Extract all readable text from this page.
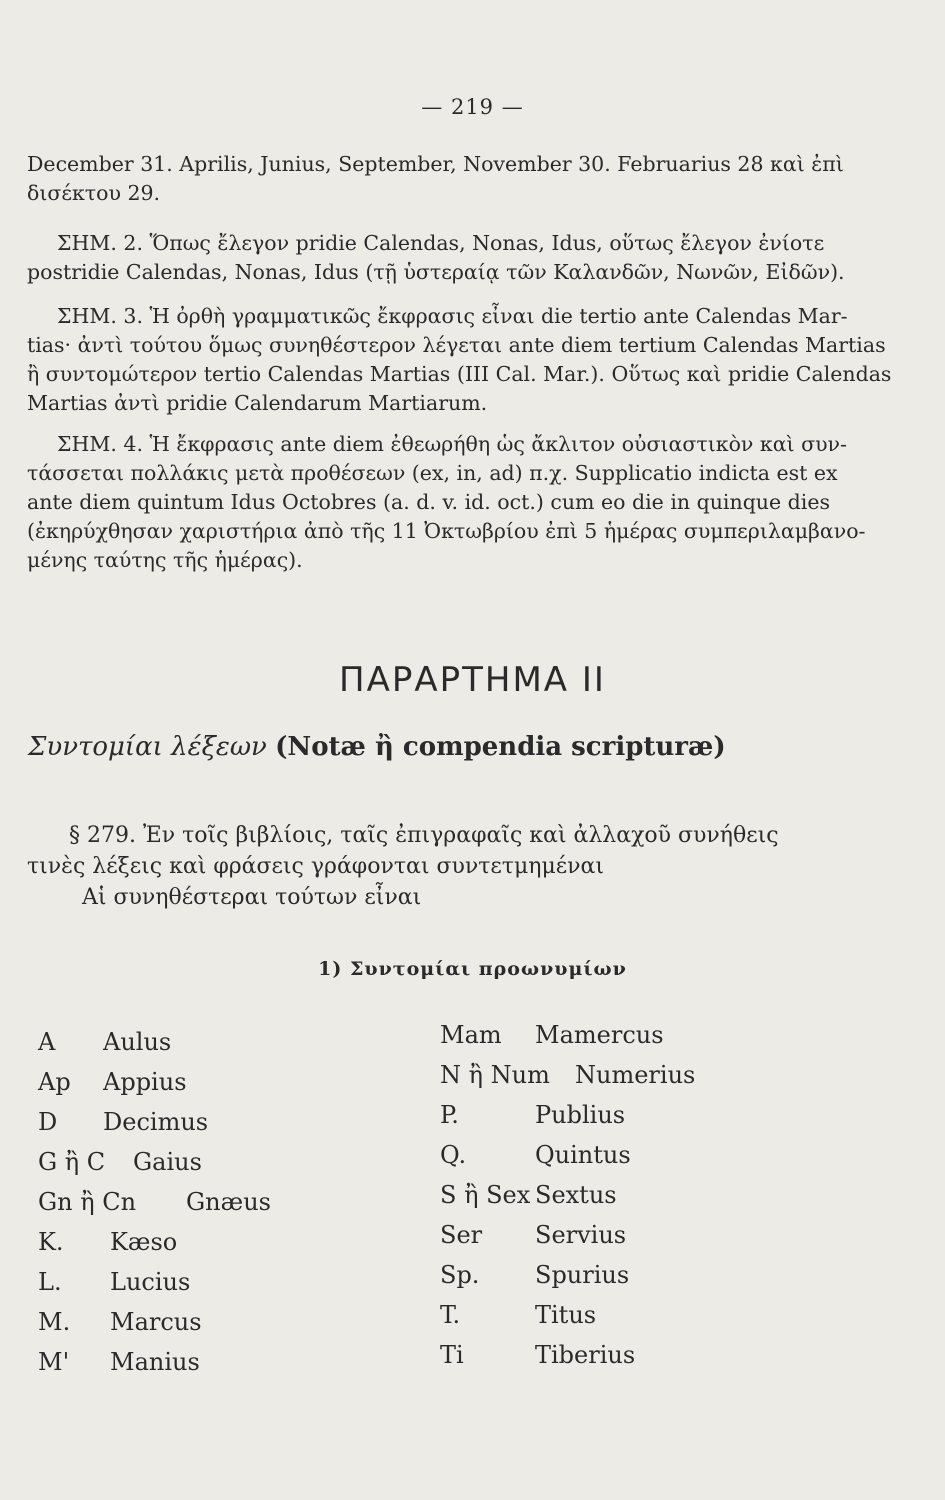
— 219 —
December 31. Aprilis, Junius, September, November 30. Februarius 28 καὶ ἐπὶ
δισέκτου 29.
ΣΗΜ. 2. Ὅπως ἔλεγον pridie Calendas, Nonas, Idus, οὕτως ἔλεγον ἐνίοτε
postridie Calendas, Nonas, Idus (τῇ ὑστεραίᾳ τῶν Καλανδῶν, Νωνῶν, Εἰδῶν).
ΣΗΜ. 3. Ἡ ὀρθὴ γραμματικῶς ἔκφρασις εἶναι die tertio ante Calendas Mar-
tias· ἀντὶ τούτου ὅμως συνηθέστερον λέγεται ante diem tertium Calendas Martias
ἢ συντομώτερον tertio Calendas Martias (III Cal. Mar.). Οὕτως καὶ pridie Calendas
Martias ἀντὶ pridie Calendarum Martiarum.
ΣΗΜ. 4. Ἡ ἔκφρασις ante diem ἐθεωρήθη ὡς ἄκλιτον οὐσιαστικὸν καὶ συν-
τάσσεται πολλάκις μετὰ προθέσεων (ex, in, ad) π.χ. Supplicatio indicta est ex
ante diem quintum Idus Octobres (a. d. v. id. oct.) cum eo die in quinque dies
(ἐκηρύχθησαν χαριστήρια ἀπὸ τῆς 11 Ὀκτωβρίου ἐπὶ 5 ἡμέρας συμπεριλαμβανο-
μένης ταύτης τῆς ἡμέρας).
ΠΑΡΑΡΤΗΜΑ II
Συντομίαι λέξεων (Notæ ἢ compendia scripturæ)
§ 279. Ἐν τοῖς βιβλίοις, ταῖς ἐπιγραφαῖς καὶ ἀλλαχοῦ συνήθεις
τινὲς λέξεις καὶ φράσεις γράφονται συντετμημέναι
Αἱ συνηθέστεραι τούτων εἶναι
1) Συντομίαι προωνυμίων
A Aulus
Ap Appius
D Decimus
G ἢ C Gaius
Gn ἢ Cn Gnæus
K. Kæso
L. Lucius
M. Marcus
M' Manius
Mam Mamercus
N ἢ Num Numerius
P.	Publius
Q.	Quintus
S ἢ Sex Sextus
Ser Servius
Sp. Spurius
T.	Titus
Ti	Tiberius
